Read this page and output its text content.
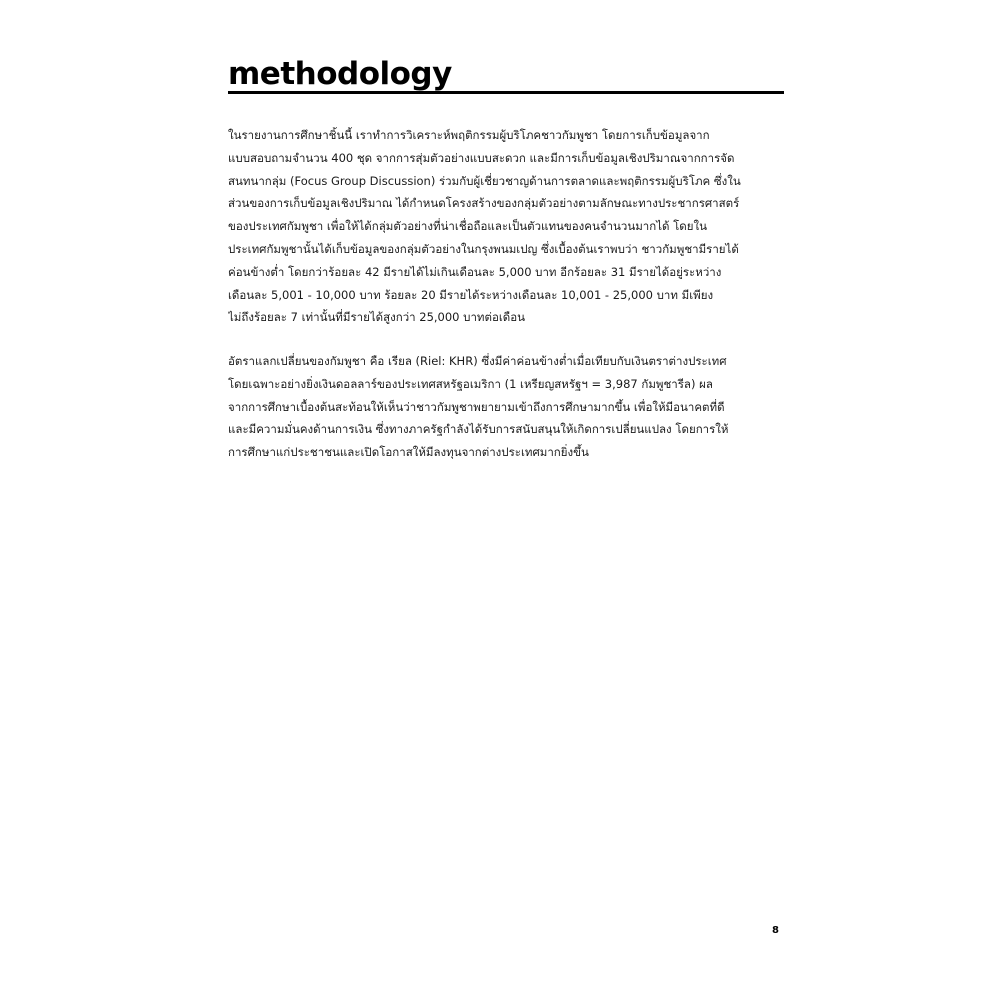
methodology
ในรายงานการศึกษาชิ้นนี้ เราทำการวิเคราะห์พฤติกรรมผู้บริโภคชาวกัมพูชา โดยการเก็บข้อมูลจาก
แบบสอบถามจำนวน 400 ชุด จากการสุ่มตัวอย่างแบบสะดวก และมีการเก็บข้อมูลเชิงปริมาณจากการจัด
สนทนากลุ่ม (Focus Group Discussion) ร่วมกับผู้เชี่ยวชาญด้านการตลาดและพฤติกรรมผู้บริโภค ซึ่งใน
ส่วนของการเก็บข้อมูลเชิงปริมาณ ได้กำหนดโครงสร้างของกลุ่มตัวอย่างตามลักษณะทางประชากรศาสตร์
ของประเทศกัมพูชา เพื่อให้ได้กลุ่มตัวอย่างที่น่าเชื่อถือและเป็นตัวแทนของคนจำนวนมากได้ โดยใน
ประเทศกัมพูชานั้นได้เก็บข้อมูลของกลุ่มตัวอย่างในกรุงพนมเปญ ซึ่งเบื้องต้นเราพบว่า ชาวกัมพูชามีรายได้
ค่อนข้างต่ำ โดยกว่าร้อยละ 42 มีรายได้ไม่เกินเดือนละ 5,000 บาท อีกร้อยละ 31 มีรายได้อยู่ระหว่าง
เดือนละ 5,001 - 10,000 บาท ร้อยละ 20 มีรายได้ระหว่างเดือนละ 10,001 - 25,000 บาท มีเพียง
ไม่ถึงร้อยละ 7 เท่านั้นที่มีรายได้สูงกว่า 25,000 บาทต่อเดือน
อัตราแลกเปลี่ยนของกัมพูชา คือ เรียล (Riel: KHR) ซึ่งมีค่าค่อนข้างต่ำเมื่อเทียบกับเงินตราต่างประเทศ
โดยเฉพาะอย่างยิ่งเงินดอลลาร์ของประเทศสหรัฐอเมริกา (1 เหรียญสหรัฐฯ = 3,987 กัมพูชารีล) ผล
จากการศึกษาเบื้องต้นสะท้อนให้เห็นว่าชาวกัมพูชาพยายามเข้าถึงการศึกษามากขึ้น เพื่อให้มีอนาคตที่ดี
และมีความมั่นคงด้านการเงิน ซึ่งทางภาครัฐกำลังได้รับการสนับสนุนให้เกิดการเปลี่ยนแปลง โดยการให้
การศึกษาแก่ประชาชนและเปิดโอกาสให้มีลงทุนจากต่างประเทศมากยิ่งขึ้น
8
